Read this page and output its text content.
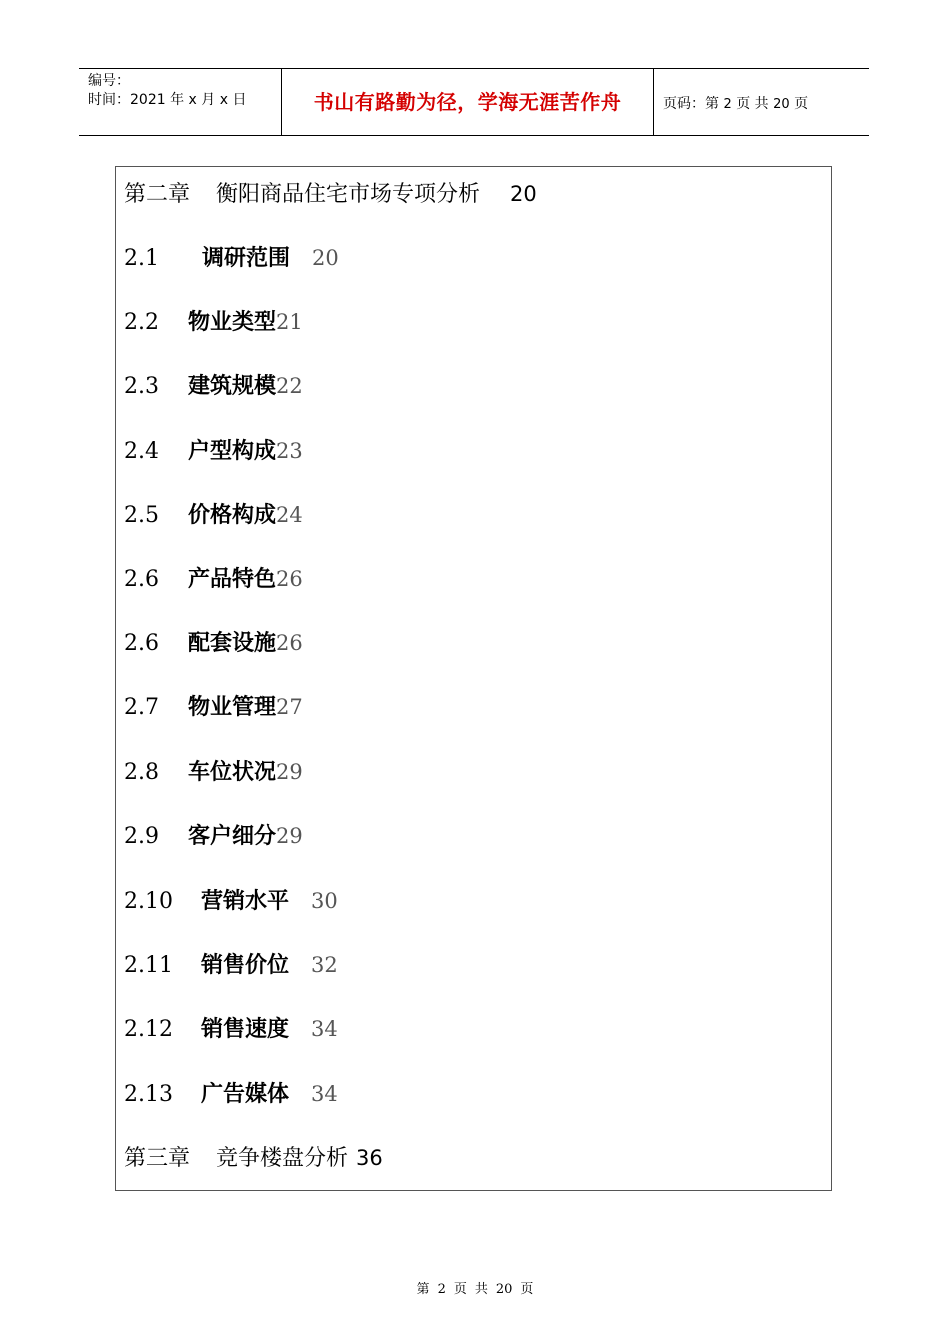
编号：
时间：2021 年 x 月 x 日	书山有路勤为径，学海无涯苦作舟	页码：第 2 页 共 20 页
第二章 衡阳商品住宅市场专项分析 20
2.1 调研范围 20
2.2 物业类型21
2.3 建筑规模22
2.4 户型构成23
2.5 价格构成24
2.6 产品特色26
2.6 配套设施26
2.7 物业管理27
2.8 车位状况29
2.9 客户细分29
2.10 营销水平 30
2.11 销售价位 32
2.12 销售速度 34
2.13 广告媒体 34
第三章 竞争楼盘分析 36
第 2 页 共 20 页
